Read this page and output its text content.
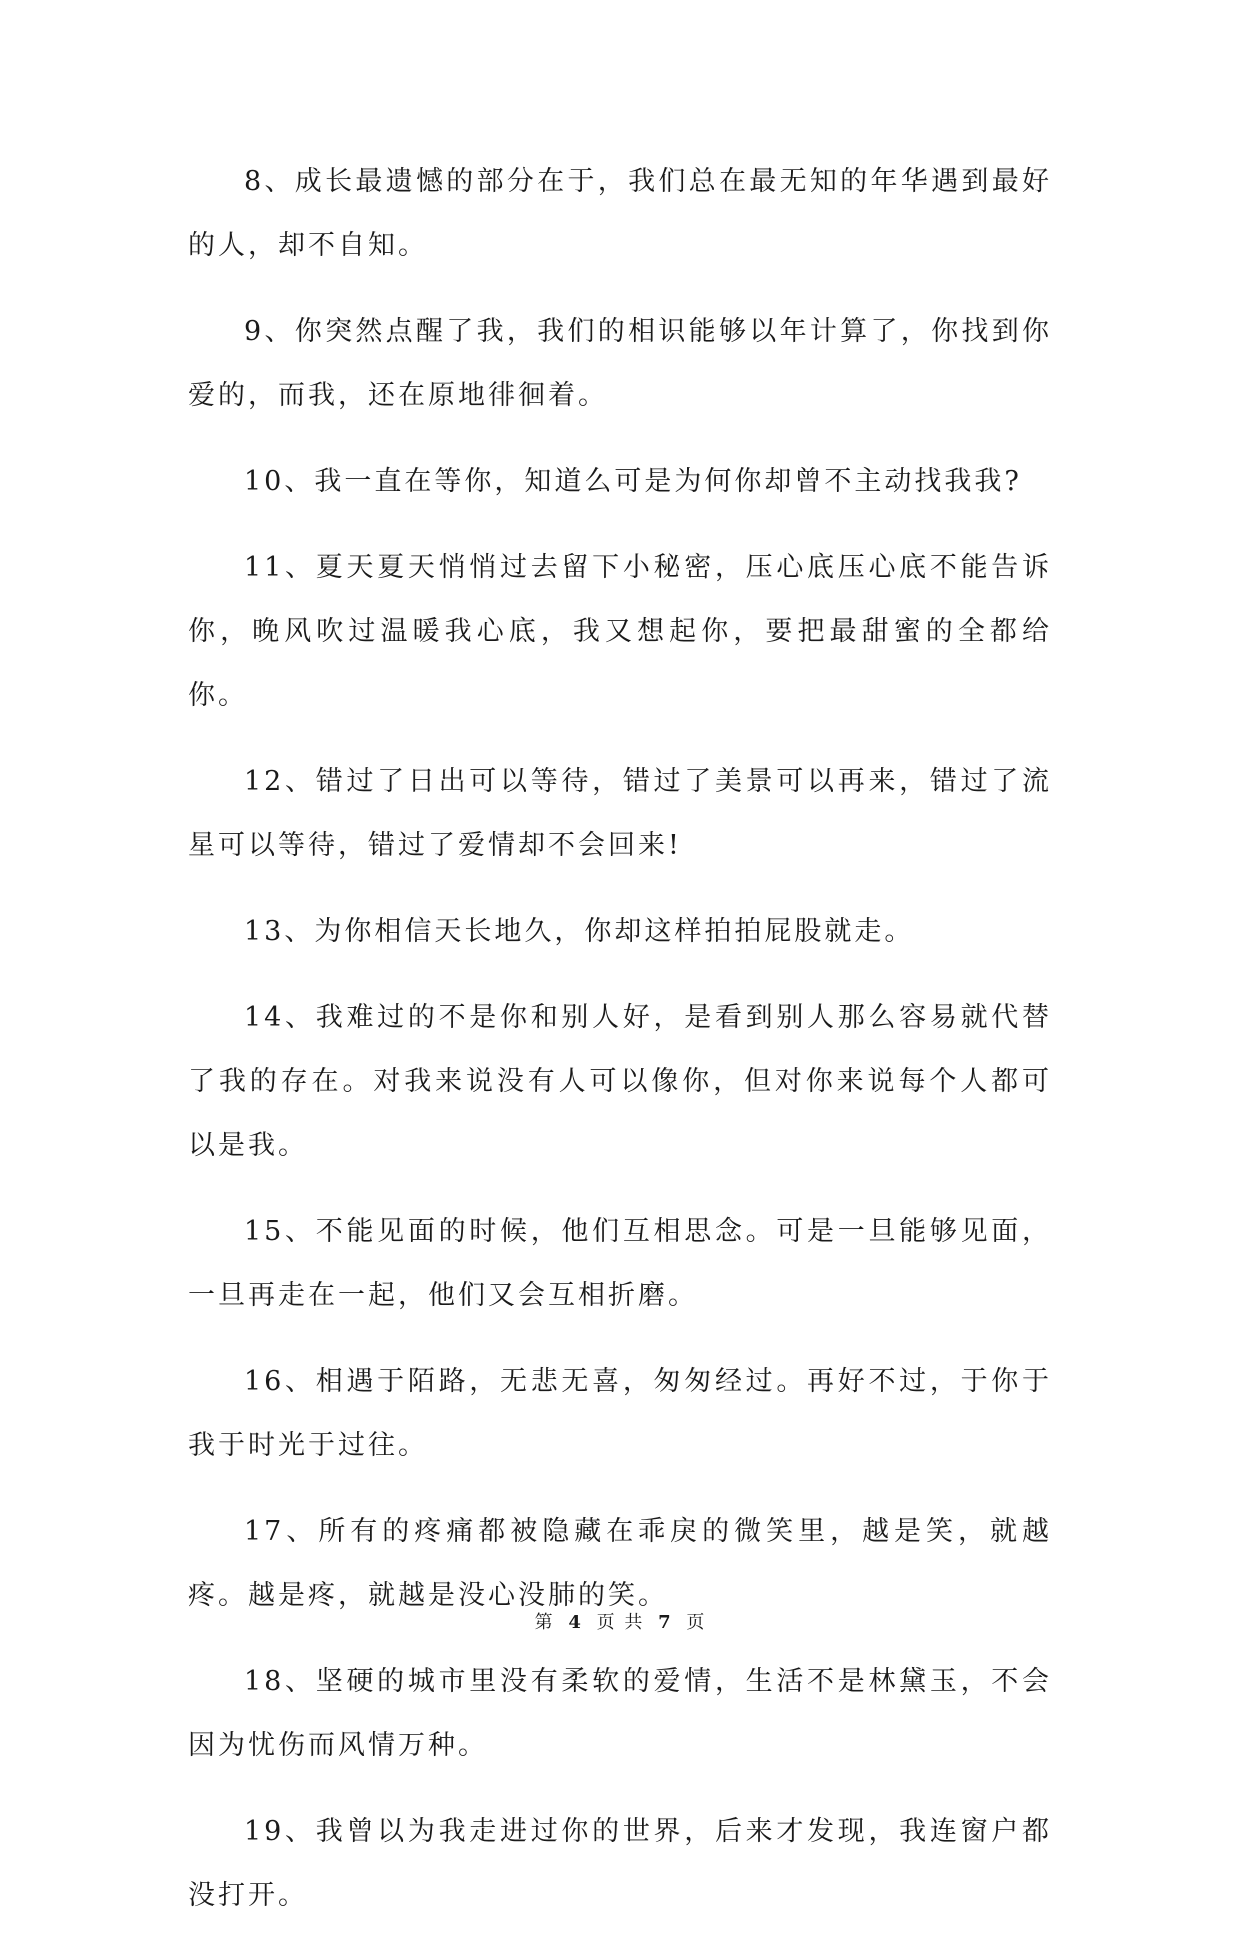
8、成长最遗憾的部分在于，我们总在最无知的年华遇到最好的人，却不自知。

9、你突然点醒了我，我们的相识能够以年计算了，你找到你爱的，而我，还在原地徘徊着。

10、我一直在等你，知道么可是为何你却曾不主动找我我?

11、夏天夏天悄悄过去留下小秘密，压心底压心底不能告诉你，晚风吹过温暖我心底，我又想起你，要把最甜蜜的全都给你。

12、错过了日出可以等待，错过了美景可以再来，错过了流星可以等待，错过了爱情却不会回来!

13、为你相信天长地久，你却这样拍拍屁股就走。

14、我难过的不是你和别人好，是看到别人那么容易就代替了我的存在。对我来说没有人可以像你，但对你来说每个人都可以是我。

15、不能见面的时候，他们互相思念。可是一旦能够见面，一旦再走在一起，他们又会互相折磨。

16、相遇于陌路，无悲无喜，匆匆经过。再好不过，于你于我于时光于过往。

17、所有的疼痛都被隐藏在乖戾的微笑里，越是笑，就越疼。越是疼，就越是没心没肺的笑。

18、坚硬的城市里没有柔软的爱情，生活不是林黛玉，不会因为忧伤而风情万种。

19、我曾以为我走进过你的世界，后来才发现，我连窗户都没打开。

第 4 页 共 7 页
